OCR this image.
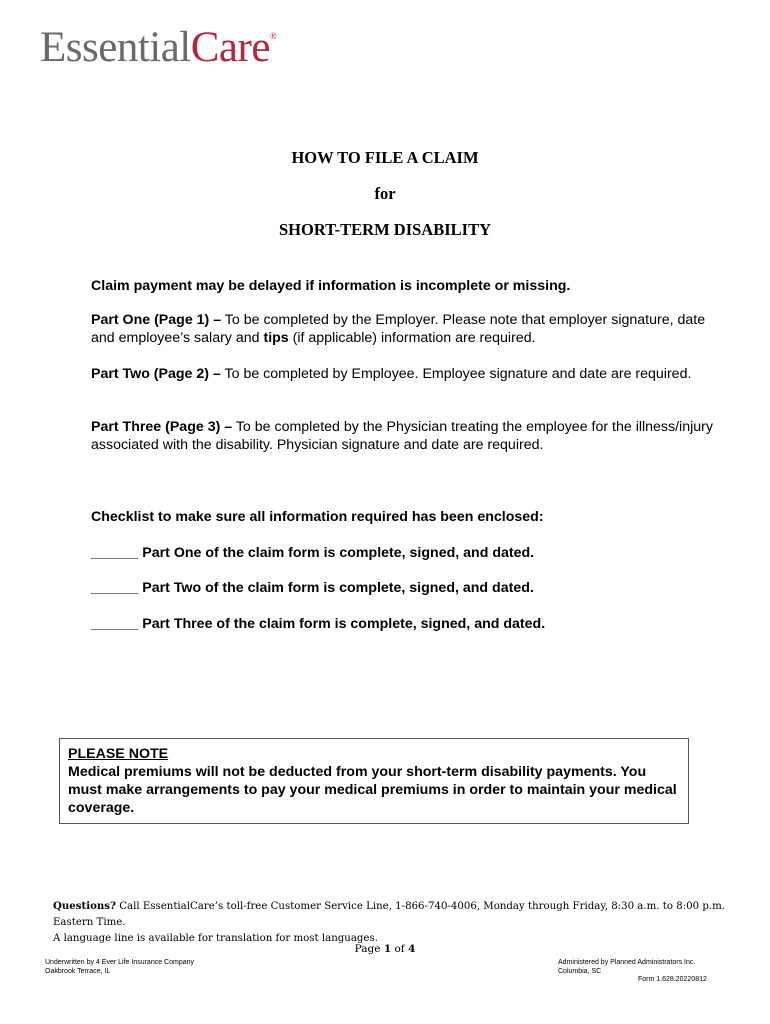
EssentialCare®
HOW TO FILE A CLAIM
for
SHORT-TERM DISABILITY
Claim payment may be delayed if information is incomplete or missing.
Part One (Page 1) – To be completed by the Employer. Please note that employer signature, date and employee’s salary and tips (if applicable) information are required.
Part Two (Page 2) – To be completed by Employee. Employee signature and date are required.
Part Three (Page 3) – To be completed by the Physician treating the employee for the illness/injury associated with the disability. Physician signature and date are required.
Checklist to make sure all information required has been enclosed:
______ Part One of the claim form is complete, signed, and dated.
______ Part Two of the claim form is complete, signed, and dated.
______ Part Three of the claim form is complete, signed, and dated.
PLEASE NOTE
Medical premiums will not be deducted from your short-term disability payments. You must make arrangements to pay your medical premiums in order to maintain your medical coverage.
Questions? Call EssentialCare’s toll-free Customer Service Line, 1-866-740-4006, Monday through Friday, 8:30 a.m. to 8:00 p.m. Eastern Time.
A language line is available for translation for most languages.
Page 1 of 4
Underwritten by 4 Ever Life Insurance Company
Oakbrook Terrace, IL
Administered by Planned Administrators Inc.
Columbia, SC
Form 1.628.20220812
